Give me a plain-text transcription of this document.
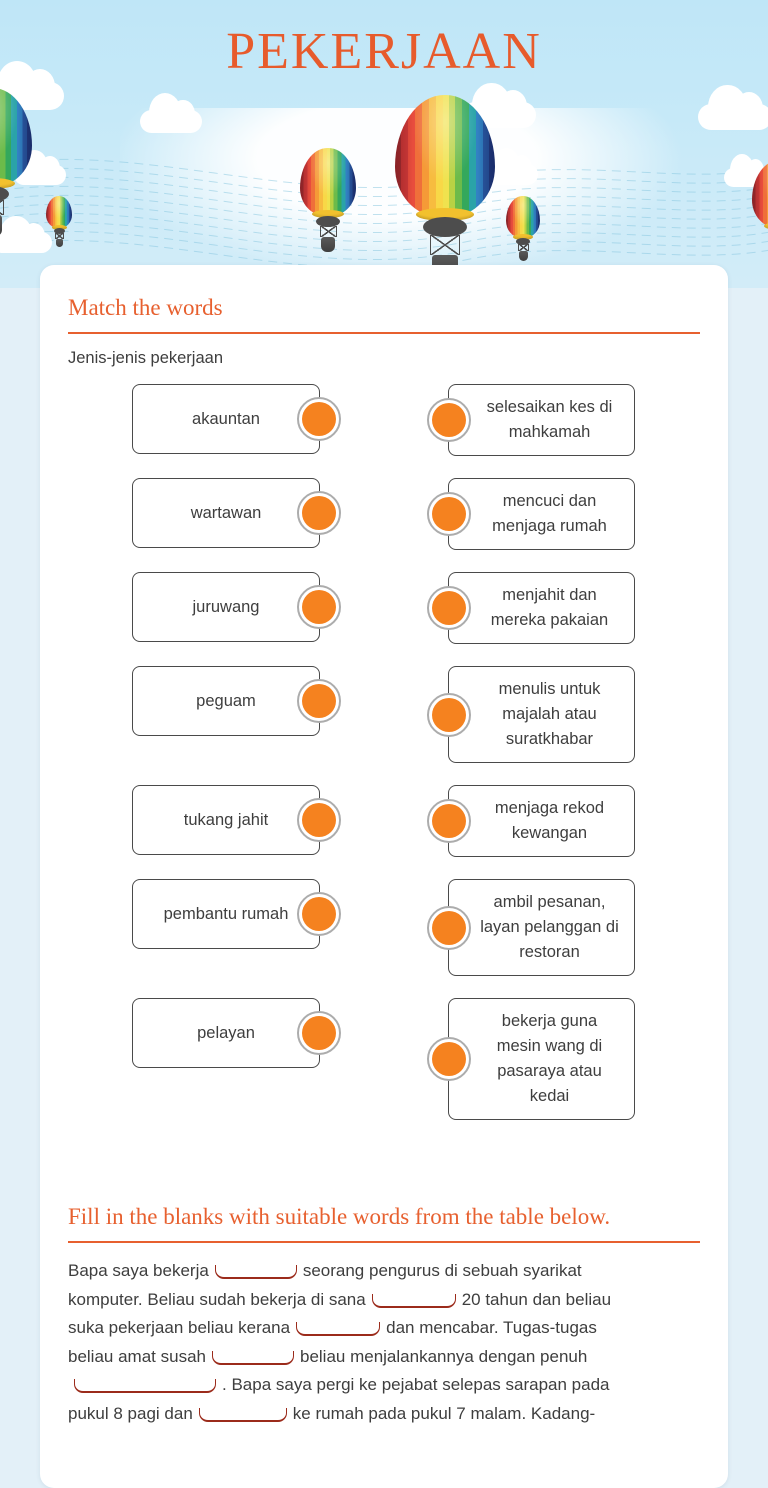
PEKERJAAN
Match the words

Jenis-jenis pekerjaan

akauntan
selesaikan kes di mahkamah
wartawan
mencuci dan menjaga rumah
juruwang
menjahit dan mereka pakaian
peguam
menulis untuk majalah atau suratkhabar
tukang jahit
menjaga rekod kewangan
pembantu rumah
ambil pesanan, layan pelanggan di restoran
pelayan
bekerja guna mesin wang di pasaraya atau kedai
Fill in the blanks with suitable words from the table below.
Bapa saya bekerja	seorang pengurus di sebuah syarikat
komputer. Beliau sudah bekerja di sana	20 tahun dan beliau
suka pekerjaan beliau kerana	dan mencabar. Tugas-tugas
beliau amat susah	beliau menjalankannya dengan penuh
. Bapa saya pergi ke pejabat selepas sarapan pada
pukul 8 pagi dan	ke rumah pada pukul 7 malam. Kadang-
